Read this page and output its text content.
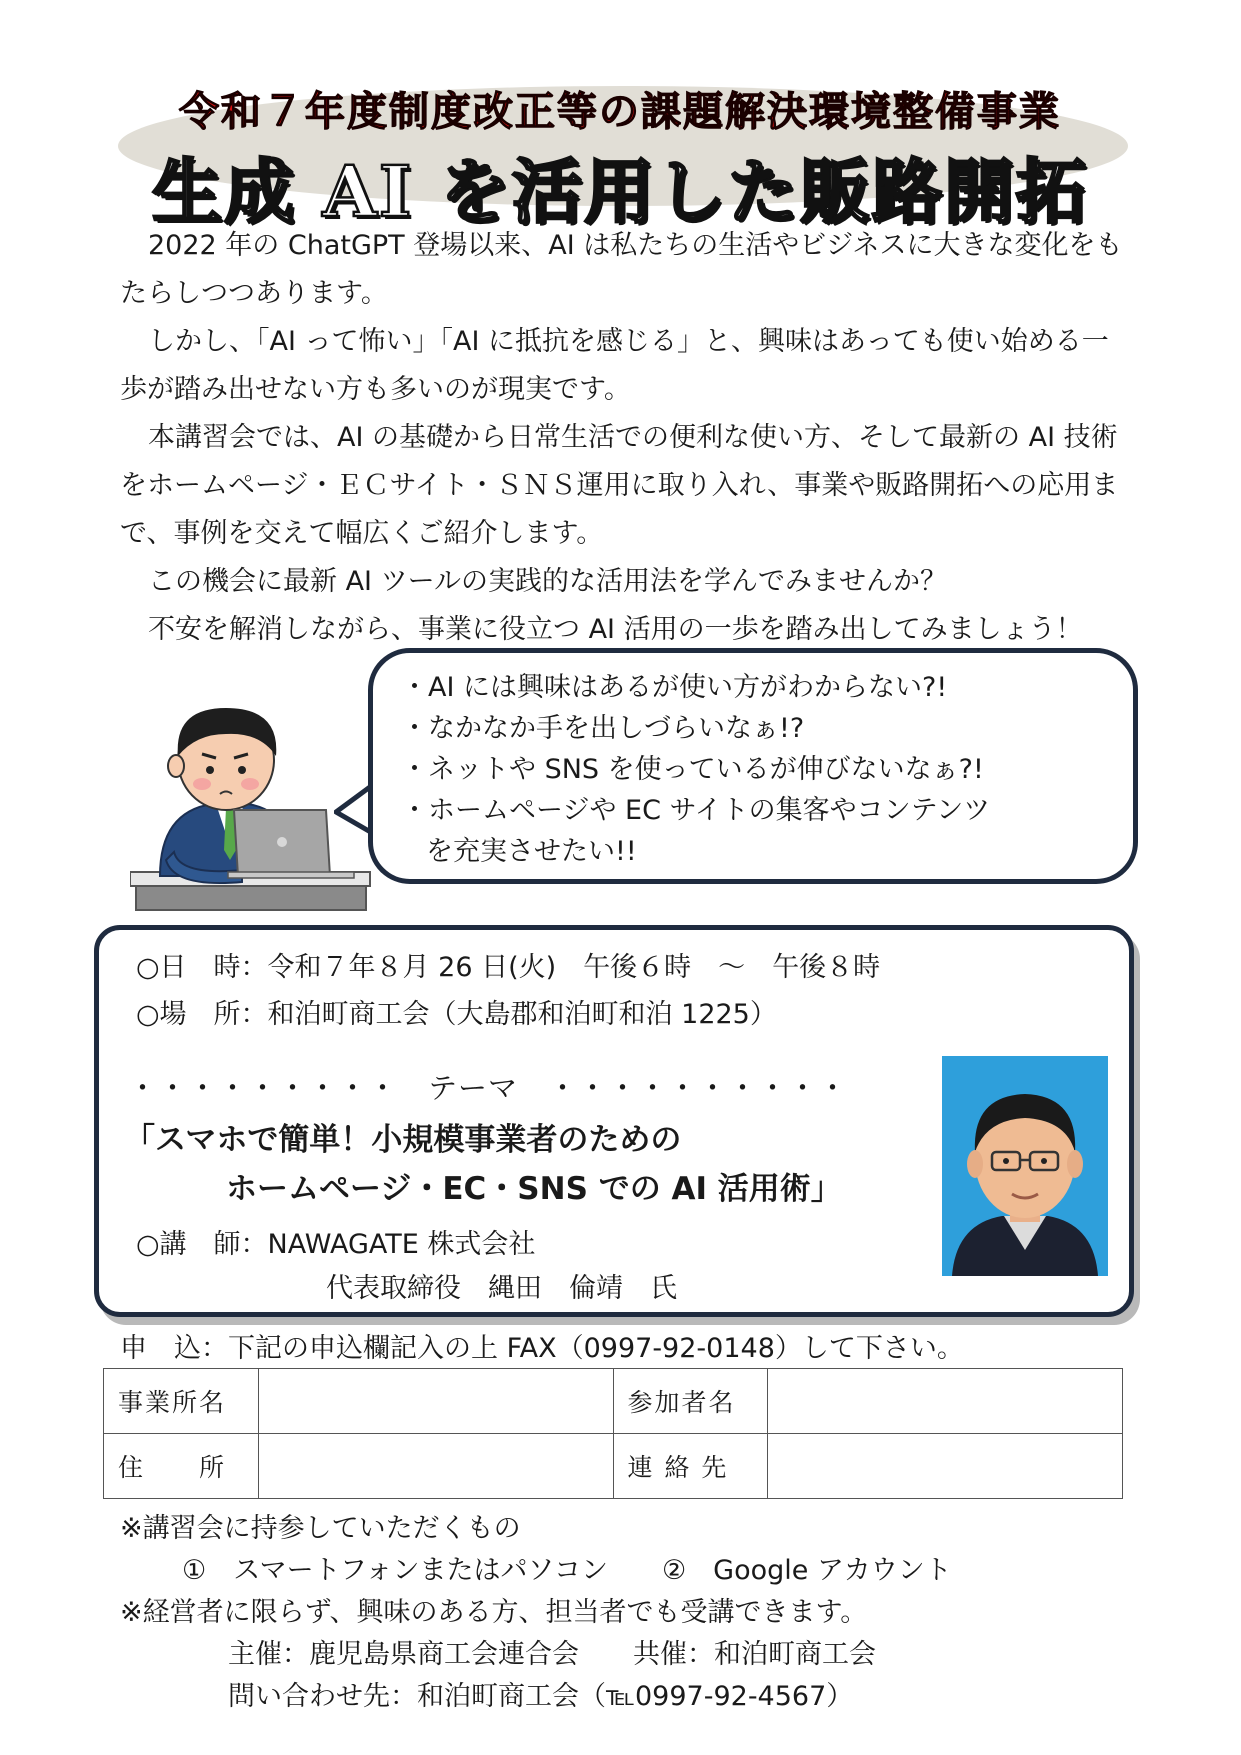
令和７年度制度改正等の課題解決環境整備事業
生成 AI を活用した販路開拓

2022 年の ChatGPT 登場以来、AI は私たちの生活やビジネスに大きな変化をもたらしつつあります。

しかし、「AI って怖い」「AI に抵抗を感じる」と、興味はあっても使い始める一歩が踏み出せない方も多いのが現実です。

本講習会では、AI の基礎から日常生活での便利な使い方、そして最新の AI 技術をホームページ・ＥＣサイト・ＳＮＳ運用に取り入れ、事業や販路開拓への応用まで、事例を交えて幅広くご紹介します。

この機会に最新 AI ツールの実践的な活用法を学んでみませんか？

不安を解消しながら、事業に役立つ AI 活用の一歩を踏み出してみましょう！

・AI には興味はあるが使い方がわからない?!
・なかなか手を出しづらいなぁ!?
・ネットや SNS を使っているが伸びないなぁ?!
・ホームページや EC サイトの集客やコンテンツ
を充実させたい!!
○日　時：令和７年８月 26 日(火)　午後６時　～　午後８時
○場　所：和泊町商工会（大島郡和泊町和泊 1225）
・・・・・・・・・　テーマ　・・・・・・・・・・
「スマホで簡単！小規模事業者のための
ホームページ・EC・SNS での AI 活用術」
○講　師：NAWAGATE 株式会社
代表取締役　縄田　倫靖　氏
申　込：下記の申込欄記入の上 FAX（0997-92-0148）して下さい。
事業所名		参加者名	
住　　所		連 絡 先	

※講習会に持参していただくもの

①　スマートフォンまたはパソコン　　②　Google アカウント

※経営者に限らず、興味のある方、担当者でも受講できます。

主催：鹿児島県商工会連合会　　共催：和泊町商工会

問い合わせ先：和泊町商工会（℡0997-92-4567）
